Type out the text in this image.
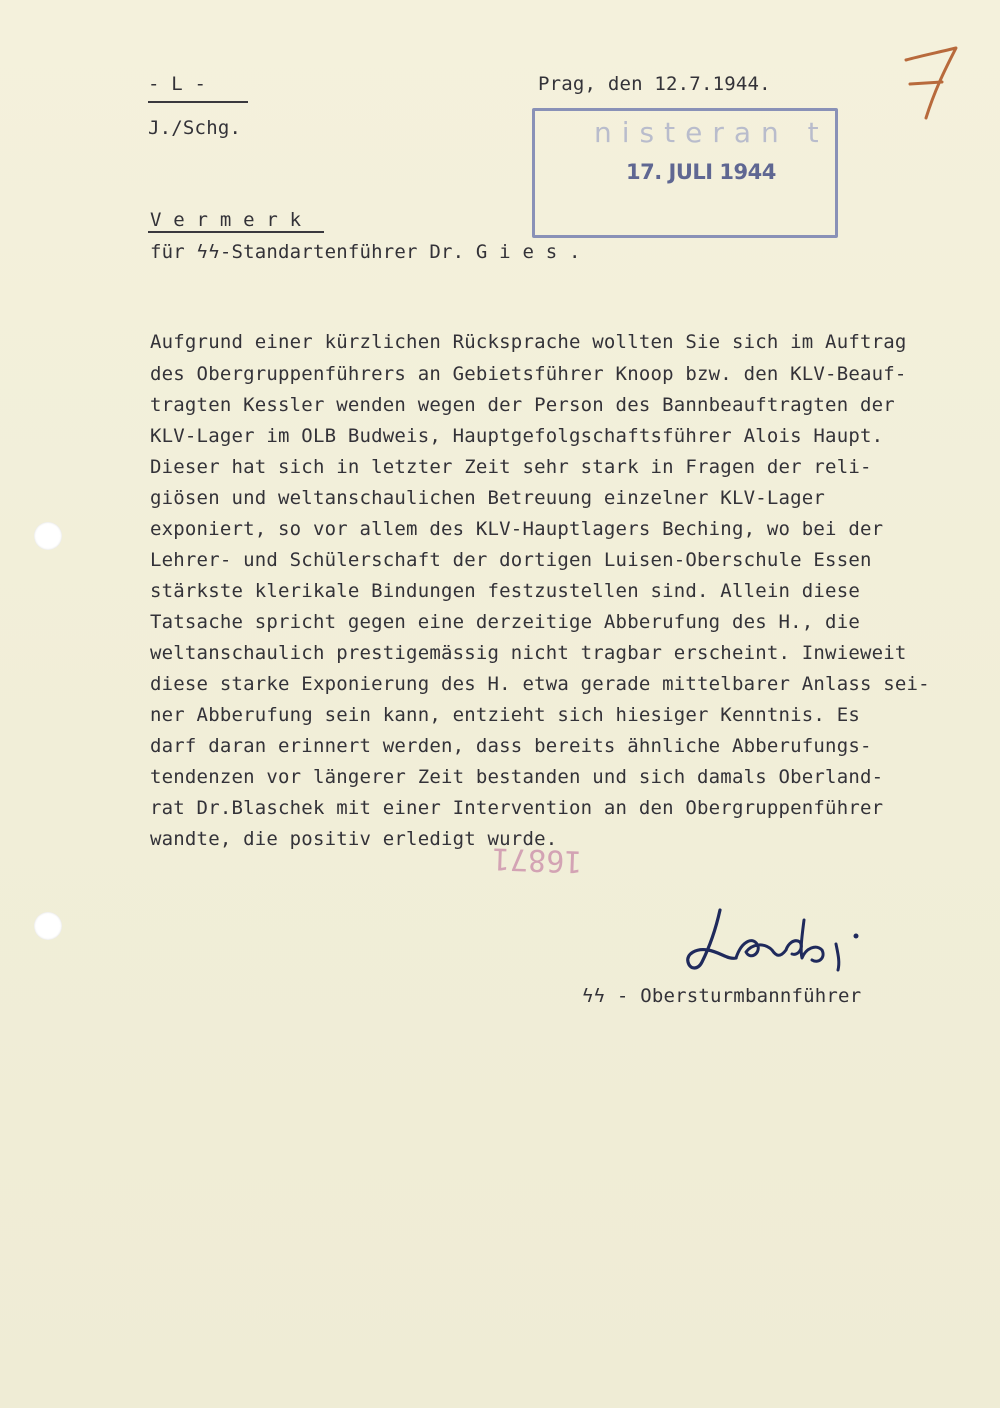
- L -
J./Schg.
Prag, den 12.7.1944.
nisteran t
17. JULI 1944
V e r m e r k
für ϟϟ-Standartenführer Dr. G i e s .
Aufgrund einer kürzlichen Rücksprache wollten Sie sich im Auftrag
des Obergruppenführers an Gebietsführer Knoop bzw. den KLV-Beauf-
tragten Kessler wenden wegen der Person des Bannbeauftragten der
KLV-Lager im OLB Budweis, Hauptgefolgschaftsführer Alois Haupt.
Dieser hat sich in letzter Zeit sehr stark in Fragen der reli-
giösen und weltanschaulichen Betreuung einzelner KLV-Lager
exponiert, so vor allem des KLV-Hauptlagers Beching, wo bei der
Lehrer- und Schülerschaft der dortigen Luisen-Oberschule Essen
stärkste klerikale Bindungen festzustellen sind. Allein diese
Tatsache spricht gegen eine derzeitige Abberufung des H., die
weltanschaulich prestigemässig nicht tragbar erscheint. Inwieweit
diese starke Exponierung des H. etwa gerade mittelbarer Anlass sei-
ner Abberufung sein kann, entzieht sich hiesiger Kenntnis. Es
darf daran erinnert werden, dass bereits ähnliche Abberufungs-
tendenzen vor längerer Zeit bestanden und sich damals Oberland-
rat Dr.Blaschek mit einer Intervention an den Obergruppenführer
wandte, die positiv erledigt wurde.
16871
ϟϟ - Obersturmbannführer
